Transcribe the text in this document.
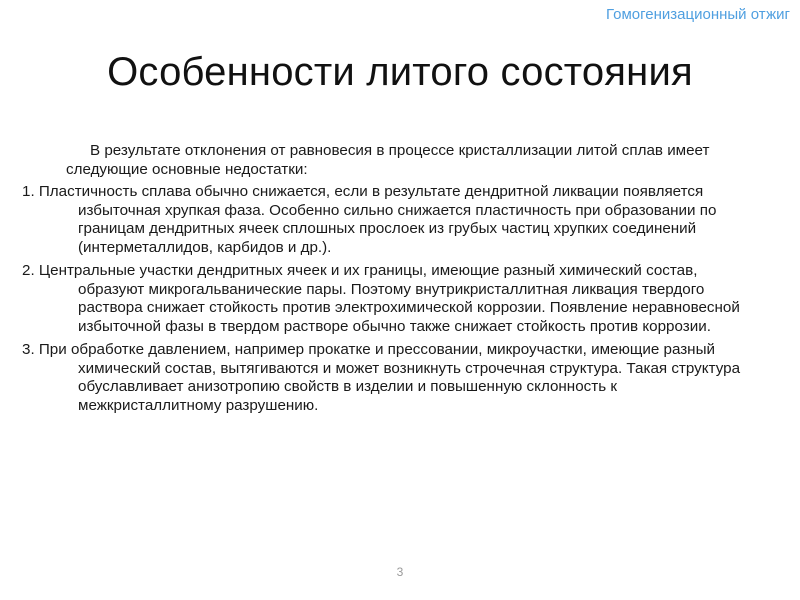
Гомогенизационный отжиг
Особенности литого состояния

В результате отклонения от равновесия в процессе кристаллизации литой сплав имеет следующие основные недостатки:

1. Пластичность сплава обычно снижается, если в результате дендритной ликвации появляется избыточная хрупкая фаза. Особенно сильно снижается пластичность при образовании по границам дендритных ячеек сплошных прослоек из грубых частиц хрупких соединений (интерметаллидов, карбидов и др.).

2. Центральные участки дендритных ячеек и их границы, имеющие разный химический состав, образуют микрогальванические пары. Поэтому внутрикристаллитная ликвация твердого раствора снижает стойкость против электрохимической коррозии. Появление неравновесной избыточной фазы в твердом растворе обычно также снижает стойкость против коррозии.

3. При обработке давлением, например прокатке и прессовании, микроучастки, имеющие разный химический состав, вытягиваются и может возникнуть строчечная структура. Такая структура обуславливает анизотропию свойств в изделии и повышенную склонность к межкристаллитному разрушению.

3
